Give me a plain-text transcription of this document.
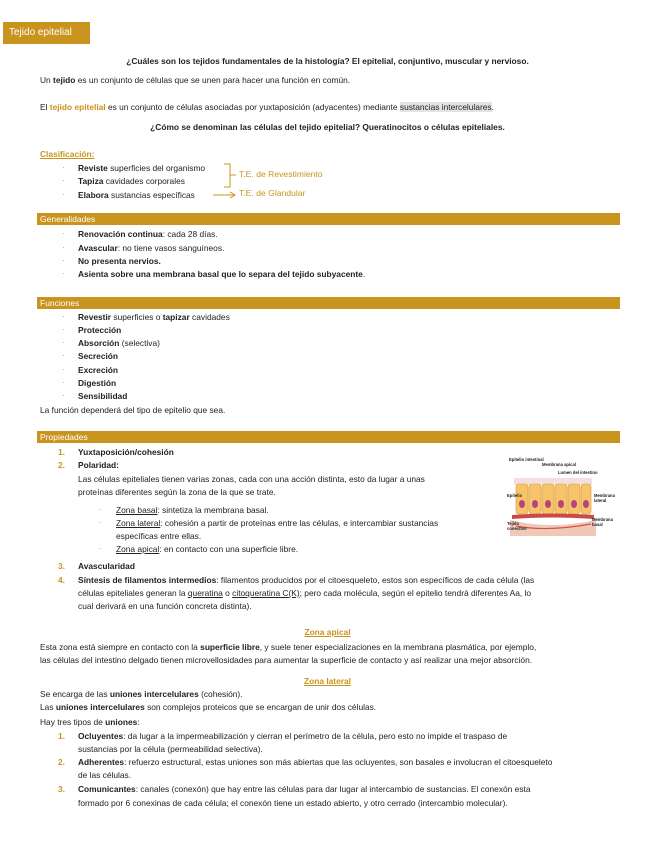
Tejido epitelial
¿Cuáles son los tejidos fundamentales de la histología? El epitelial, conjuntivo, muscular y nervioso.
Un tejido es un conjunto de células que se unen para hacer una función en común.
El tejido epitelial es un conjunto de células asociadas por yuxtaposición (adyacentes) mediante sustancias intercelulares.
¿Cómo se denominan las células del tejido epitelial? Queratinocitos o células epiteliales.
Clasificación:
· Reviste superficies del organismo
· Tapiza cavidades corporales
· Elabora sustancias específicas
T.E. de Revestimiento
T.E. de Glandular
Generalidades
· Renovación continua: cada 28 días.
· Avascular: no tiene vasos sanguíneos.
· No presenta nervios.
· Asienta sobre una membrana basal que lo separa del tejido subyacente.
Funciones
· Revestir superficies o tapizar cavidades
· Protección
· Absorción (selectiva)
· Secreción
· Excreción
· Digestión
· Sensibilidad
La función dependerá del tipo de epitelio que sea.
Propiedades
1. Yuxtaposición/cohesión
2. Polaridad:
Las células epiteliales tienen varias zonas, cada con una acción distinta, esto da lugar a unas
proteínas diferentes según la zona de la que se trate.
· Zona basal: sintetiza la membrana basal.
· Zona lateral: cohesión a partir de proteínas entre las células, e intercambiar sustancias
específicas entre ellas.
· Zona apical: en contacto con una superficie libre.
3. Avascularidad
4. Síntesis de filamentos intermedios: filamentos producidos por el citoesqueleto, estos son específicos de cada célula (las
células epiteliales generan la queratina o citoqueratina C(K); pero cada molécula, según el epitelio tendrá diferentes Aa, lo
cual derivará en una función concreta distinta).
Epitelio intestinal
Membrana apical
Lumen del intestino
Epitelio	Membrana lateral
Membrana basal
Tejido conectivo
Zona apical
Esta zona está siempre en contacto con la superficie libre, y suele tener especializaciones en la membrana plasmática, por ejemplo,
las células del intestino delgado tienen microvellosidades para aumentar la superficie de contacto y así realizar una mejor absorción.
Zona lateral
Se encarga de las uniones intercelulares (cohesión).
Las uniones intercelulares son complejos proteicos que se encargan de unir dos células.
Hay tres tipos de uniones:
1. Ocluyentes: da lugar a la impermeabilización y cierran el perímetro de la célula, pero esto no impide el traspaso de
sustancias por la célula (permeabilidad selectiva).
2. Adherentes: refuerzo estructural, estas uniones son más abiertas que las ocluyentes, son basales e involucran el citoesqueleto
de las células.
3. Comunicantes: canales (conexón) que hay entre las células para dar lugar al intercambio de sustancias. El conexón esta
formado por 6 conexinas de cada célula; el conexón tiene un estado abierto, y otro cerrado (intercambio molecular).
